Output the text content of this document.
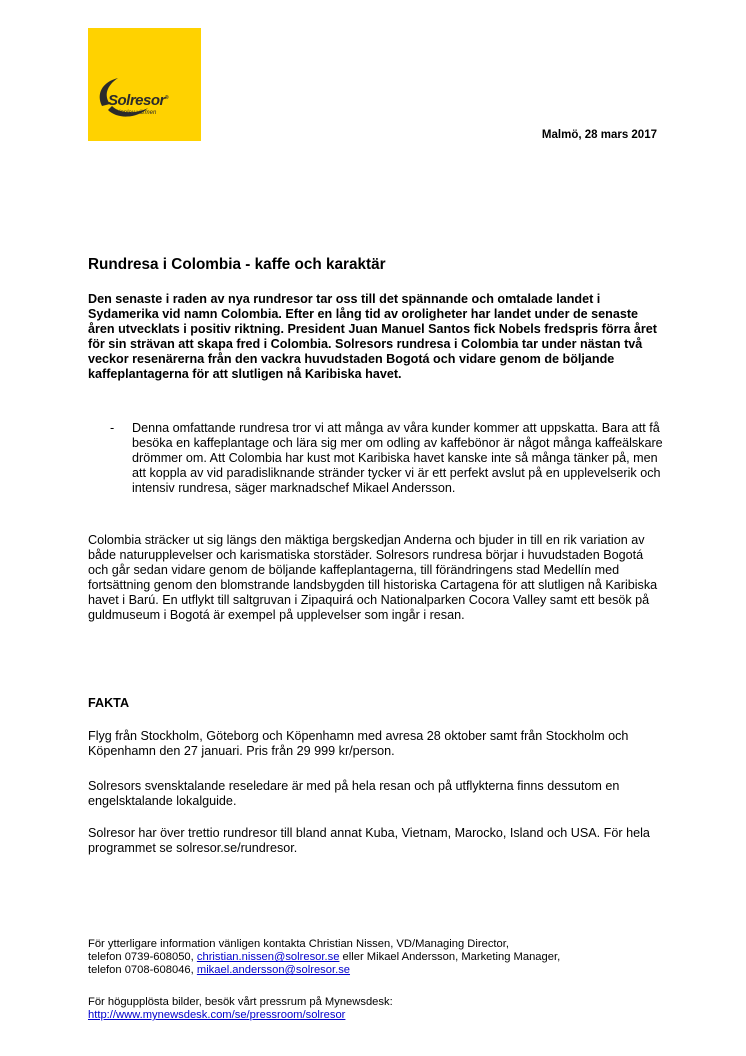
Solresor®
Upplev värmen
Malmö, 28 mars 2017
Rundresa i Colombia - kaffe och karaktär

Den senaste i raden av nya rundresor tar oss till det spännande och omtalade landet i Sydamerika vid namn Colombia. Efter en lång tid av oroligheter har landet under de senaste åren utvecklats i positiv riktning. President Juan Manuel Santos fick Nobels fredspris förra året för sin strävan att skapa fred i Colombia. Solresors rundresa i Colombia tar under nästan två veckor resenärerna från den vackra huvudstaden Bogotá och vidare genom de böljande kaffeplantagerna för att slutligen nå Karibiska havet.

- Denna omfattande rundresa tror vi att många av våra kunder kommer att uppskatta. Bara att få besöka en kaffeplantage och lära sig mer om odling av kaffebönor är något många kaffeälskare drömmer om. Att Colombia har kust mot Karibiska havet kanske inte så många tänker på, men att koppla av vid paradisliknande stränder tycker vi är ett perfekt avslut på en upplevelserik och intensiv rundresa, säger marknadschef Mikael Andersson.

Colombia sträcker ut sig längs den mäktiga bergskedjan Anderna och bjuder in till en rik variation av både naturupplevelser och karismatiska storstäder. Solresors rundresa börjar i huvudstaden Bogotá och går sedan vidare genom de böljande kaffeplantagerna, till förändringens stad Medellín med fortsättning genom den blomstrande landsbygden till historiska Cartagena för att slutligen nå Karibiska havet i Barú. En utflykt till saltgruvan i Zipaquirá och Nationalparken Cocora Valley samt ett besök på guldmuseum i Bogotá är exempel på upplevelser som ingår i resan.

FAKTA

Flyg från Stockholm, Göteborg och Köpenhamn med avresa 28 oktober samt från Stockholm och Köpenhamn den 27 januari. Pris från 29 999 kr/person.

Solresors svensktalande reseledare är med på hela resan och på utflykterna finns dessutom en engelsktalande lokalguide.

Solresor har över trettio rundresor till bland annat Kuba, Vietnam, Marocko, Island och USA. För hela programmet se solresor.se/rundresor.

För ytterligare information vänligen kontakta Christian Nissen, VD/Managing Director,
telefon 0739-608050, christian.nissen@solresor.se eller Mikael Andersson, Marketing Manager,
telefon 0708-608046, mikael.andersson@solresor.se
För högupplösta bilder, besök vårt pressrum på Mynewsdesk:
http://www.mynewsdesk.com/se/pressroom/solresor
